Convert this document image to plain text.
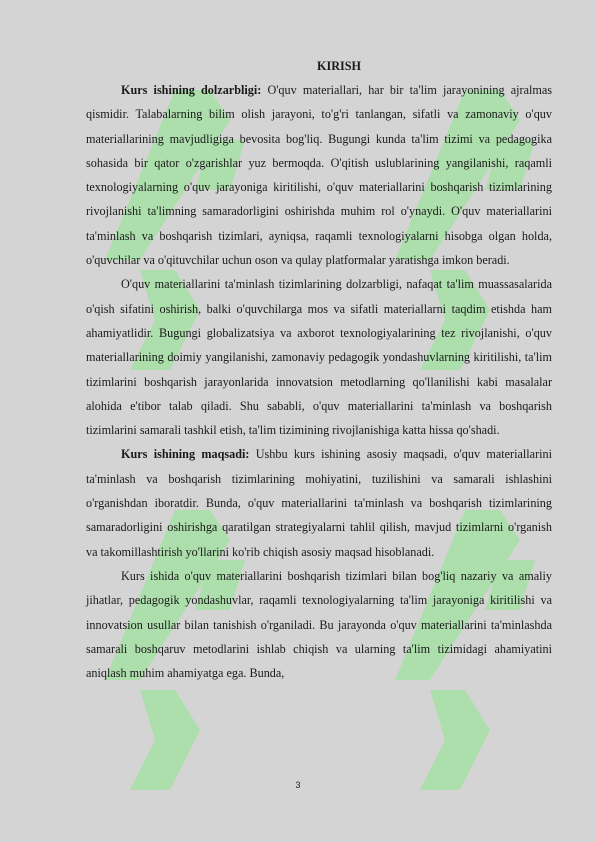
KIRISH

Kurs ishining dolzarbligi: O'quv materiallari, har bir ta'lim jarayonining ajralmas qismidir. Talabalarning bilim olish jarayoni, to'g'ri tanlangan, sifatli va zamonaviy o'quv materiallarining mavjudligiga bevosita bog'liq. Bugungi kunda ta'lim tizimi va pedagogika sohasida bir qator o'zgarishlar yuz bermoqda. O'qitish uslublarining yangilanishi, raqamli texnologiyalarning o'quv jarayoniga kiritilishi, o'quv materiallarini boshqarish tizimlarining rivojlanishi ta'limning samaradorligini oshirishda muhim rol o'ynaydi. O'quv materiallarini ta'minlash va boshqarish tizimlari, ayniqsa, raqamli texnologiyalarni hisobga olgan holda, o'quvchilar va o'qituvchilar uchun oson va qulay platformalar yaratishga imkon beradi.

O'quv materiallarini ta'minlash tizimlarining dolzarbligi, nafaqat ta'lim muassasalarida o'qish sifatini oshirish, balki o'quvchilarga mos va sifatli materiallarni taqdim etishda ham ahamiyatlidir. Bugungi globalizatsiya va axborot texnologiyalarining tez rivojlanishi, o'quv materiallarining doimiy yangilanishi, zamonaviy pedagogik yondashuvlarning kiritilishi, ta'lim tizimlarini boshqarish jarayonlarida innovatsion metodlarning qo'llanilishi kabi masalalar alohida e'tibor talab qiladi. Shu sababli, o'quv materiallarini ta'minlash va boshqarish tizimlarini samarali tashkil etish, ta'lim tizimining rivojlanishiga katta hissa qo'shadi.

Kurs ishining maqsadi: Ushbu kurs ishining asosiy maqsadi, o'quv materiallarini ta'minlash va boshqarish tizimlarining mohiyatini, tuzilishini va samarali ishlashini o'rganishdan iboratdir. Bunda, o'quv materiallarini ta'minlash va boshqarish tizimlarining samaradorligini oshirishga qaratilgan strategiyalarni tahlil qilish, mavjud tizimlarni o'rganish va takomillashtirish yo'llarini ko'rib chiqish asosiy maqsad hisoblanadi.

Kurs ishida o'quv materiallarini boshqarish tizimlari bilan bog'liq nazariy va amaliy jihatlar, pedagogik yondashuvlar, raqamli texnologiyalarning ta'lim jarayoniga kiritilishi va innovatsion usullar bilan tanishish o'rganiladi. Bu jarayonda o'quv materiallarini ta'minlashda samarali boshqaruv metodlarini ishlab chiqish va ularning ta'lim tizimidagi ahamiyatini aniqlash muhim ahamiyatga ega. Bunda,

3
